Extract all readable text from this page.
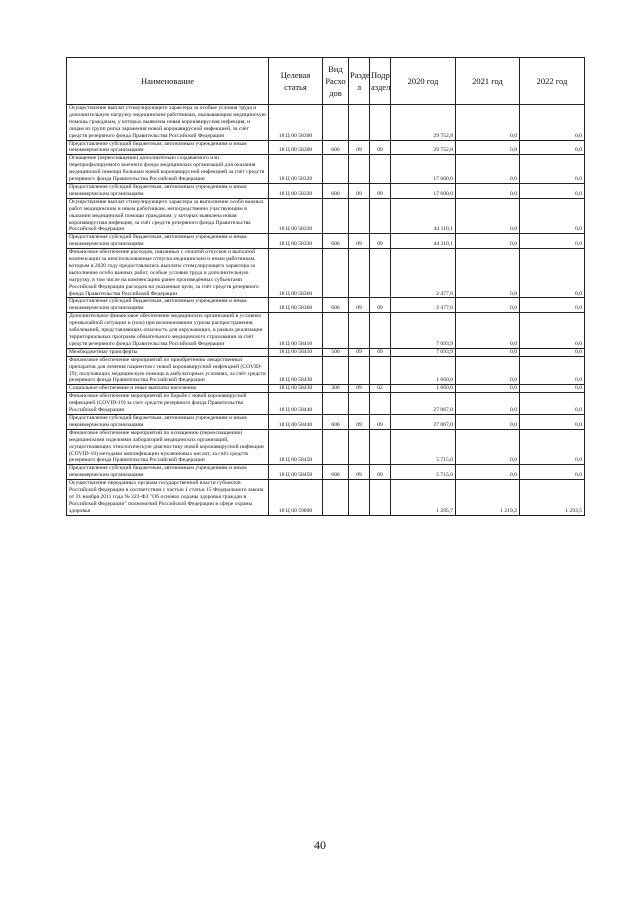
Наименование	Целевая статья	Вид Расхо дов	Разде л	Подр аздел	2020 год	2021 год	2022 год
Осуществление выплат стимулирующего характера за особые условия труда и дополнительную нагрузку медицинским работникам, оказывающим медицинскую помощь гражданам, у которых выявлена новая коронавирусная инфекция, и лицам из групп риска заражения новой коронавирусной инфекцией, за счёт средств резервного фонда Правительства Российской Федерации	18 Ц 00 58300				29 752,8	0,0	0,0
Предоставление субсидий бюджетным, автономным учреждениям и иным некоммерческим организациям	18 Ц 00 58300	600	09	09	29 752,8	0,0	0,0
Оснащение (переоснащение) дополнительно создаваемого или перепрофилируемого коечного фонда медицинских организаций для оказания медицинской помощи больным новой коронавирусной инфекцией за счёт средств резервного фонда Правительства Российской Федерации	18 Ц 00 58320				17 600,0	0,0	0,0
Предоставление субсидий бюджетным, автономным учреждениям и иным некоммерческим организациям	18 Ц 00 58320	600	09	09	17 600,0	0,0	0,0
Осуществление выплат стимулирующего характера за выполнение особо важных работ медицинским и иным работникам, непосредственно участвующим в оказании медицинской помощи гражданам, у которых выявлена новая коронавирусная инфекция, за счёт средств резервного фонда Правительства Российской Федерации	18 Ц 00 58330				44 110,1	0,0	0,0
Предоставление субсидий бюджетным, автономным учреждениям и иным некоммерческим организациям	18 Ц 00 58330	600	09	09	44 110,1	0,0	0,0
Финансовое обеспечение расходов, связанных с оплатой отпусков и выплатой компенсации за неиспользованные отпуска медицинским и иным работникам, которым в 2020 году предоставлялись выплаты стимулирующего характера за выполнение особо важных работ, особые условия труда и дополнительную нагрузку, в том числе на компенсацию ранее произведённых субъектами Российской Федерации расходов на указанные цели, за счёт средств резервного фонда Правительства Российской Федерации	18 Ц 00 58360				2 477,6	0,0	0,0
Предоставление субсидий бюджетным, автономным учреждениям и иным некоммерческим организациям	18 Ц 00 58360	600	09	09	2 477,6	0,0	0,0
Дополнительное финансовое обеспечение медицинских организаций в условиях чрезвычайной ситуации и (или) при возникновении угрозы распространения заболеваний, представляющих опасность для окружающих, в рамках реализации территориальных программ обязательного медицинского страхования за счёт средств резервного фонда Правительства Российской Федерации	18 Ц 00 58410				7 693,9	0,0	0,0
Межбюджетные трансферты	18 Ц 00 58410	500	09	09	7 693,9	0,0	0,0
Финансовое обеспечение мероприятий по приобретению лекарственных препаратов для лечения пациентов с новой коронавирусной инфекцией (COVID-19), получающих медицинскую помощь в амбулаторных условиях, за счёт средств резервного фонда Правительства Российской Федерации	18 Ц 00 58430				1 660,0	0,0	0,0
Социальное обеспечение и иные выплаты населению	18 Ц 00 58430	300	09	02	1 660,0	0,0	0,0
Финансовое обеспечение мероприятий по борьбе с новой коронавирусной инфекцией (COVID-19) за счет средств резервного фонда Правительства Российской Федерации	18 Ц 00 58440				27 067,0	0,0	0,0
Предоставление субсидий бюджетным, автономным учреждениям и иным некоммерческим организациям	18 Ц 00 58440	600	09	09	27 067,0	0,0	0,0
Финансовое обеспечение мероприятий по оснащению (переоснащению) медицинскими изделиями лабораторий медицинских организаций, осуществляющих этиологическую диагностику новой коронавирусной инфекции (COVID-19) методами амплификации нуклеиновых кислот, за счёт средств резервного фонда Правительства Российской Федерации	18 Ц 00 58450				5 715,0	0,0	0,0
Предоставление субсидий бюджетным, автономным учреждениям и иным некоммерческим организациям	18 Ц 00 58450	600	09	09	5 715,0	0,0	0,0
Осуществление переданных органам государственной власти субъектов Российской Федерации в соответствии с частью 1 статьи 15 Федерального закона от 21 ноября 2011 года № 323-ФЗ "Об основах охраны здоровья граждан в Российской Федерации" полномочий Российской Федерации в сфере охраны здоровья	18 Ц 00 59800				1 295,7	1 219,2	1 293,5
40
